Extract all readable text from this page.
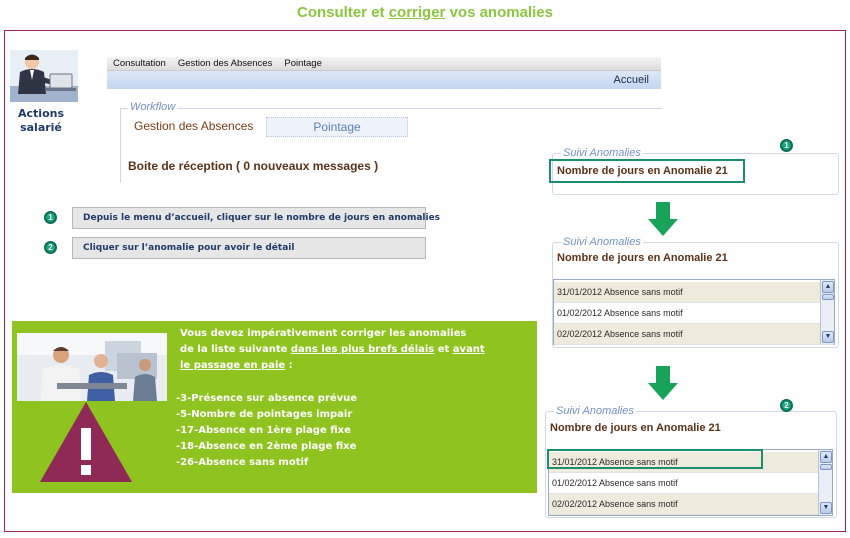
Consulter et corriger vos anomalies
Actions
salarié
Consultation Gestion des Absences Pointage
Accueil
Workflow
Gestion des Absences	Pointage
Boite de réception ( 0 nouveaux messages )
1	Depuis le menu d’accueil, cliquer sur le nombre de jours en anomalies
2	Cliquer sur l’anomalie pour avoir le détail
Vous devez impérativement corriger les anomalies
de la liste suivante dans les plus brefs délais et avant
le passage en paie :
-3-Présence sur absence prévue
-5-Nombre de pointages impair
-17-Absence en 1ère plage fixe
-18-Absence en 2ème plage fixe
-26-Absence sans motif
Suivi Anomalies
1
Nombre de jours en Anomalie 21
Suivi Anomalies
Nombre de jours en Anomalie 21
31/01/2012 Absence sans motif
01/02/2012 Absence sans motif
02/02/2012 Absence sans motif
▲
▼
Suivi Anomalies	2
Nombre de jours en Anomalie 21
31/01/2012 Absence sans motif
01/02/2012 Absence sans motif
02/02/2012 Absence sans motif
▲
▼
